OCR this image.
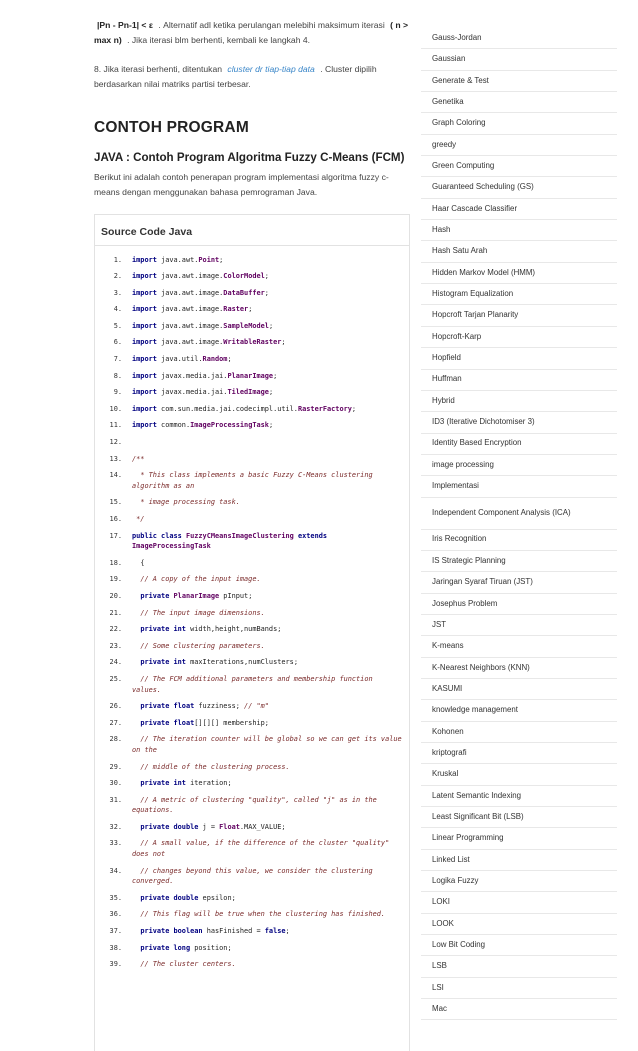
|Pn - Pn-1| < ε . Alternatif adl ketika perulangan melebihi maksimum iterasi ( n > max n) . Jika iterasi blm berhenti, kembali ke langkah 4.
8. Jika iterasi berhenti, ditentukan cluster dr tiap-tiap data . Cluster dipilih berdasarkan nilai matriks partisi terbesar.
CONTOH PROGRAM
JAVA : Contoh Program Algoritma Fuzzy C-Means (FCM)
Berikut ini adalah contoh penerapan program implementasi algoritma fuzzy c-means dengan menggunakan bahasa pemrograman Java.
Source Code Java
1.	import java.awt.Point;
2.	import java.awt.image.ColorModel;
3.	import java.awt.image.DataBuffer;
4.	import java.awt.image.Raster;
5.	import java.awt.image.SampleModel;
6.	import java.awt.image.WritableRaster;
7.	import java.util.Random;
8.	import javax.media.jai.PlanarImage;
9.	import javax.media.jai.TiledImage;
10.	import com.sun.media.jai.codecimpl.util.RasterFactory;
11.	import common.ImageProcessingTask;
12.
13.	/**
14.	* This class implements a basic Fuzzy C-Means clustering algorithm as an
15.	* image processing task.
16.	*/
17.	public class FuzzyCMeansImageClustering extends ImageProcessingTask
18.	{
19.	// A copy of the input image.
20.	private PlanarImage pInput;
21.	// The input image dimensions.
22.	private int width,height,numBands;
23.	// Some clustering parameters.
24.	private int maxIterations,numClusters;
25.	// The FCM additional parameters and membership function values.
26.	private float fuzziness; // "m"
27.	private float[][][] membership;
28.	// The iteration counter will be global so we can get its value on the
29.	// middle of the clustering process.
30.	private int iteration;
31.	// A metric of clustering "quality", called "j" as in the equations.
32.	private double j = Float.MAX_VALUE;
33.	// A small value, if the difference of the cluster "quality" does not
34.	// changes beyond this value, we consider the clustering converged.
35.	private double epsilon;
36.	// This flag will be true when the clustering has finished.
37.	private boolean hasFinished = false;
38.	private long position;
39.	// The cluster centers.
Gauss-Jordan
Gaussian
Generate & Test
Genetika
Graph Coloring
greedy
Green Computing
Guaranteed Scheduling (GS)
Haar Cascade Classifier
Hash
Hash Satu Arah
Hidden Markov Model (HMM)
Histogram Equalization
Hopcroft Tarjan Planarity
Hopcroft-Karp
Hopfield
Huffman
Hybrid
ID3 (Iterative Dichotomiser 3)
Identity Based Encryption
image processing
Implementasi
Independent Component Analysis (ICA)
Iris Recognition
IS Strategic Planning
Jaringan Syaraf Tiruan (JST)
Josephus Problem
JST
K-means
K-Nearest Neighbors (KNN)
KASUMI
knowledge management
Kohonen
kriptografi
Kruskal
Latent Semantic Indexing
Least Significant Bit (LSB)
Linear Programming
Linked List
Logika Fuzzy
LOKI
LOOK
Low Bit Coding
LSB
LSI
Mac
